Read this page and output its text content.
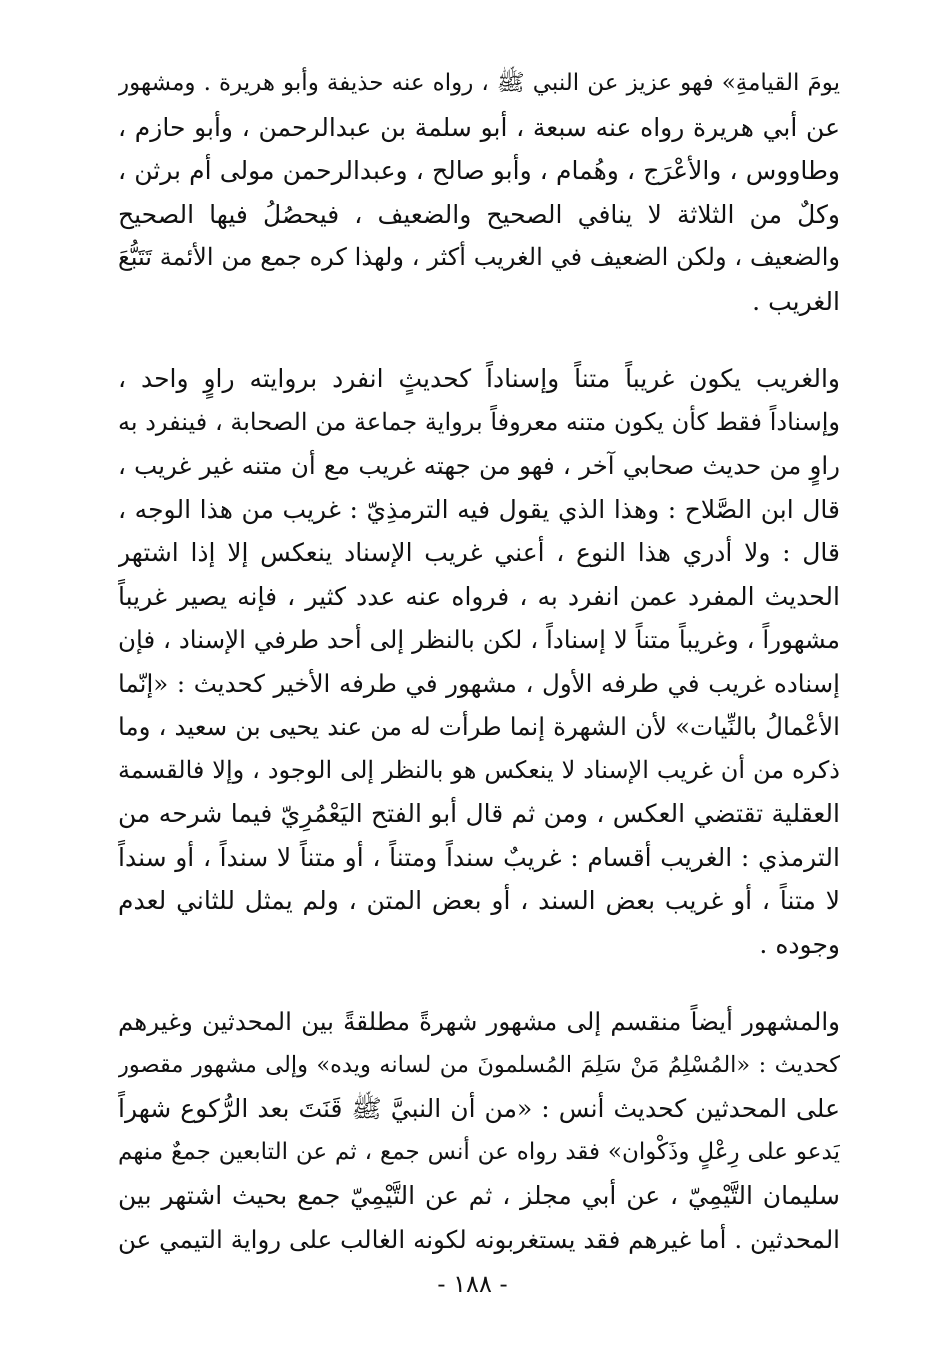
يومَ القيامةِ» فهو عزيز عن النبي ﷺ ، رواه عنه حذيفة وأبو هريرة . ومشهور
عن أبي هريرة رواه عنه سبعة ، أبو سلمة بن عبدالرحمن ، وأبو حازم ،
وطاووس ، والأعْرَج ، وهُمام ، وأبو صالح ، وعبدالرحمن مولى أم برثن ،
وكلٌ من الثلاثة لا ينافي الصحيح والضعيف ، فيحصُلُ فيها الصحيح
والضعيف ، ولكن الضعيف في الغريب أكثر ، ولهذا كره جمع من الأئمة تَتَبُّعَ
الغريب .

والغريب يكون غريباً متناً وإسناداً كحديثٍ انفرد بروايته راوٍ واحد ،
وإسناداً فقط كأن يكون متنه معروفاً برواية جماعة من الصحابة ، فينفرد به
راوٍ من حديث صحابي آخر ، فهو من جهته غريب مع أن متنه غير غريب ،
قال ابن الصَّلاح : وهذا الذي يقول فيه الترمذِيّ : غريب من هذا الوجه ،
قال : ولا أدري هذا النوع ، أعني غريب الإسناد ينعكس إلا إذا اشتهر
الحديث المفرد عمن انفرد به ، فرواه عنه عدد كثير ، فإنه يصير غريباً
مشهوراً ، وغريباً متناً لا إسناداً ، لكن بالنظر إلى أحد طرفي الإسناد ، فإن
إسناده غريب في طرفه الأول ، مشهور في طرفه الأخير كحديث : «إنّما
الأعْمالُ بالنِّيات» لأن الشهرة إنما طرأت له من عند يحيى بن سعيد ، وما
ذكره من أن غريب الإسناد لا ينعكس هو بالنظر إلى الوجود ، وإلا فالقسمة
العقلية تقتضي العكس ، ومن ثم قال أبو الفتح اليَعْمُرِيّ فيما شرحه من
الترمذي : الغريب أقسام : غريبٌ سنداً ومتناً ، أو متناً لا سنداً ، أو سنداً
لا متناً ، أو غريب بعض السند ، أو بعض المتن ، ولم يمثل للثاني لعدم
وجوده .

والمشهور أيضاً منقسم إلى مشهور شهرةً مطلقةً بين المحدثين وغيرهم
كحديث : «المُسْلِمُ مَنْ سَلِمَ المُسلمونَ من لسانه ويده» وإلى مشهور مقصور
على المحدثين كحديث أنس : «من أن النبيَّ ﷺ قَنَتَ بعد الرُّكوع شهراً
يَدعو على رِعْلٍ وذَكْوان» فقد رواه عن أنس جمع ، ثم عن التابعين جمعٌ منهم
سليمان التَّيْمِيّ ، عن أبي مجلز ، ثم عن التَّيْمِيّ جمع بحيث اشتهر بين
المحدثين . أما غيرهم فقد يستغربونه لكونه الغالب على رواية التيمي عن

- ١٨٨ -
